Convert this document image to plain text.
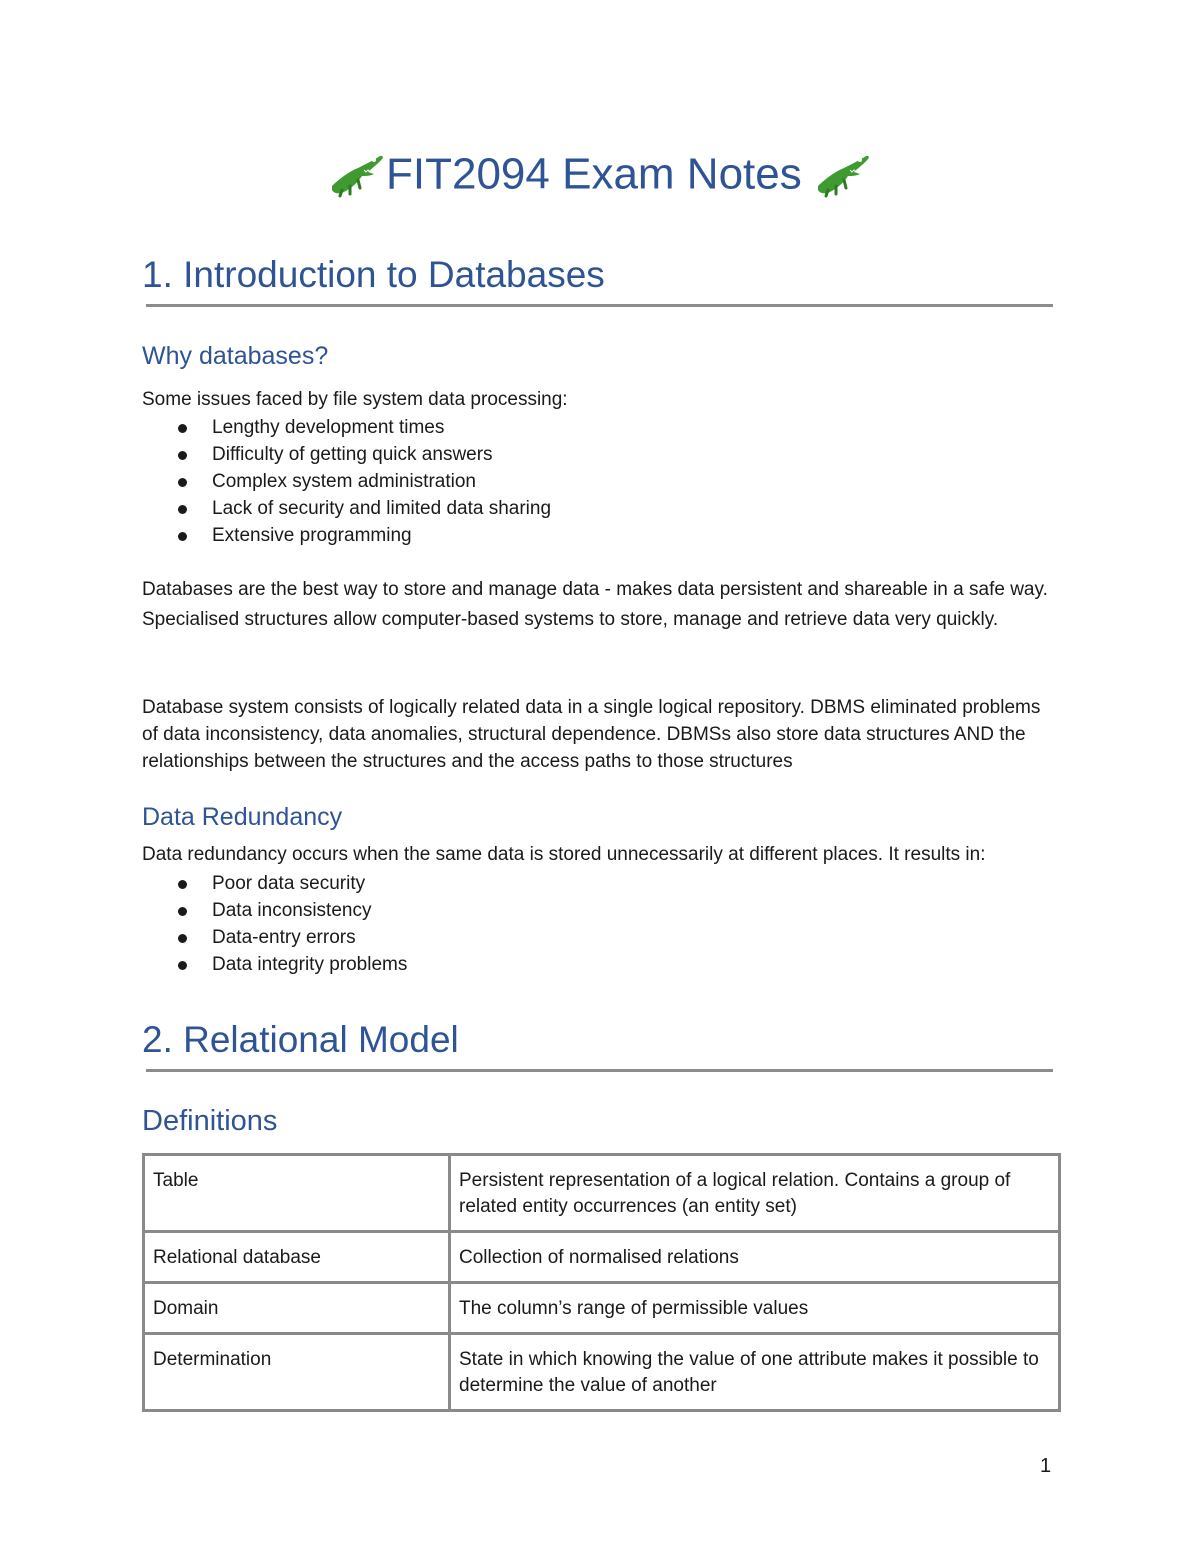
FIT2094 Exam Notes
1. Introduction to Databases
Why databases?

Some issues faced by file system data processing:

Lengthy development times
Difficulty of getting quick answers
Complex system administration
Lack of security and limited data sharing
Extensive programming

Databases are the best way to store and manage data - makes data persistent and shareable in a safe way. Specialised structures allow computer-based systems to store, manage and retrieve data very quickly.

Database system consists of logically related data in a single logical repository. DBMS eliminated problems of data inconsistency, data anomalies, structural dependence. DBMSs also store data structures AND the relationships between the structures and the access paths to those structures

Data Redundancy

Data redundancy occurs when the same data is stored unnecessarily at different places. It results in:

Poor data security
Data inconsistency
Data-entry errors
Data integrity problems
2. Relational Model
Definitions
Table	Persistent representation of a logical relation. Contains a group of related entity occurrences (an entity set)
Relational database	Collection of normalised relations
Domain	The column’s range of permissible values
Determination	State in which knowing the value of one attribute makes it possible to determine the value of another
1
